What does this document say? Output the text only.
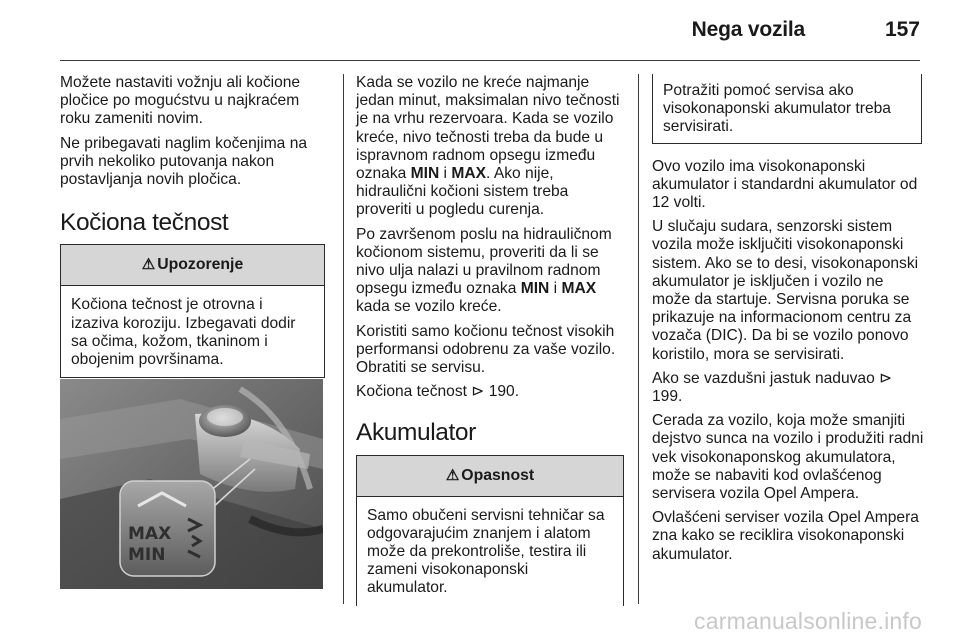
Nega vozila	157

Možete nastaviti vožnju ali kočione pločice po mogućstvu u najkraćem roku zameniti novim.

Ne pribegavati naglim kočenjima na prvih nekoliko putovanja nakon postavljanja novih pločica.

Kočiona tečnost
⚠ Upozorenje

Kočiona tečnost je otrovna i izaziva koroziju. Izbegavati dodir sa očima, kožom, tkaninom i obojenim površinama.

MAX
MIN

Kada se vozilo ne kreće najmanje jedan minut, maksimalan nivo tečnosti je na vrhu rezervoara. Kada se vozilo kreće, nivo tečnosti treba da bude u ispravnom radnom opsegu između oznaka MIN i MAX. Ako nije, hidraulični kočioni sistem treba proveriti u pogledu curenja.

Po završenom poslu na hidrauličnom kočionom sistemu, proveriti da li se nivo ulja nalazi u pravilnom radnom opsegu između oznaka MIN i MAX kada se vozilo kreće.

Koristiti samo kočionu tečnost visokih performansi odobrenu za vaše vozilo. Obratiti se servisu.

Kočiona tečnost ⊳ 190.

Akumulator
⚠ Opasnost

Samo obučeni servisni tehničar sa odgovarajućim znanjem i alatom može da prekontroliše, testira ili zameni visokonaponski akumulator.

Potražiti pomoć servisa ako visokonaponski akumulator treba servisirati.

Ovo vozilo ima visokonaponski akumulator i standardni akumulator od 12 volti.

U slučaju sudara, senzorski sistem vozila može isključiti visokonaponski sistem. Ako se to desi, visokonaponski akumulator je isključen i vozilo ne može da startuje. Servisna poruka se prikazuje na informacionom centru za vozača (DIC). Da bi se vozilo ponovo koristilo, mora se servisirati.

Ako se vazdušni jastuk naduvao ⊳ 199.

Cerada za vozilo, koja može smanjiti dejstvo sunca na vozilo i produžiti radni vek visokonaponskog akumulatora, može se nabaviti kod ovlašćenog servisera vozila Opel Ampera.

Ovlašćeni serviser vozila Opel Ampera zna kako se reciklira visokonaponski akumulator.

carmanualsonline.info
